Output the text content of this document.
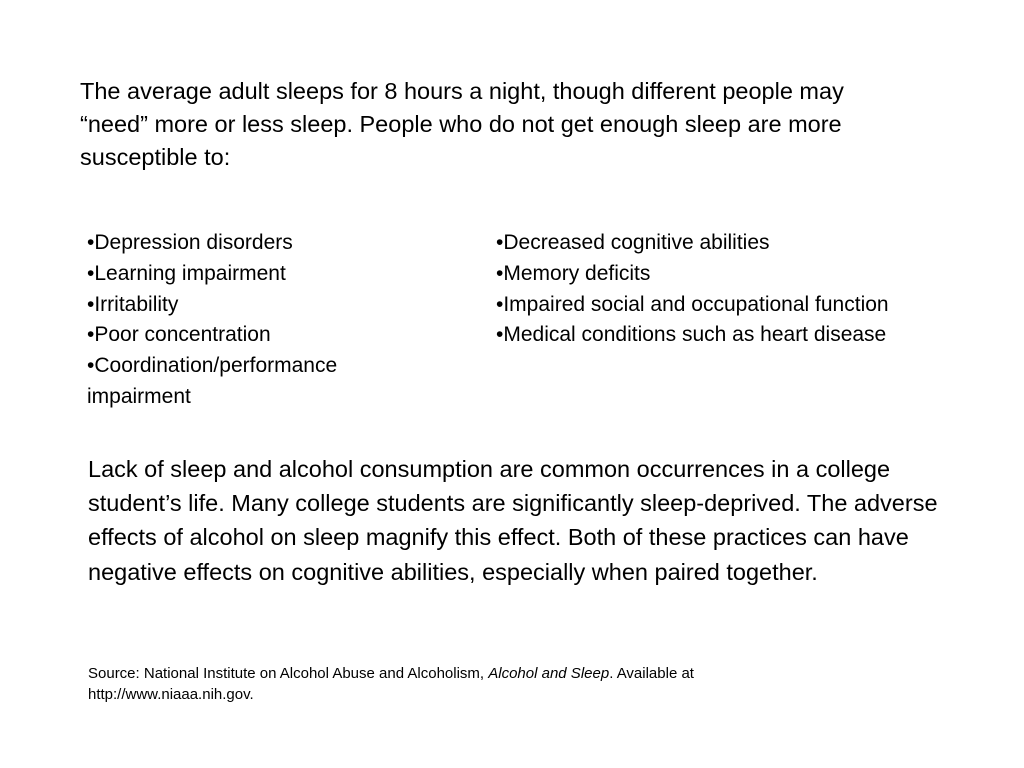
The average adult sleeps for 8 hours a night, though different people may “need” more or less sleep. People who do not get enough sleep are more susceptible to:

•Depression disorders
•Learning impairment
•Irritability
•Poor concentration
•Coordination/performance impairment
•Decreased cognitive abilities
•Memory deficits
•Impaired social and occupational function
•Medical conditions such as heart disease

Lack of sleep and alcohol consumption are common occurrences in a college student’s life. Many college students are significantly sleep-deprived. The adverse effects of alcohol on sleep magnify this effect. Both of these practices can have negative effects on cognitive abilities, especially when paired together.

Source: National Institute on Alcohol Abuse and Alcoholism, Alcohol and Sleep. Available at http://www.niaaa.nih.gov.
